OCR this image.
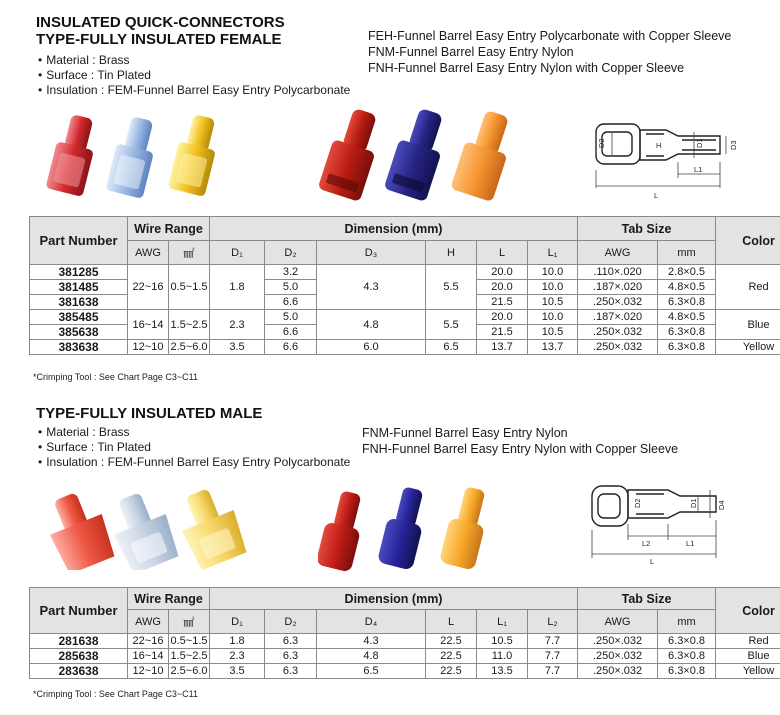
INSULATED QUICK-CONNECTORS
TYPE-FULLY INSULATED FEMALE
• Material : Brass
• Surface : Tin Plated
• Insulation : FEM-Funnel Barrel Easy Entry Polycarbonate
FEH-Funnel Barrel Easy Entry Polycarbonate with Copper Sleeve
FNM-Funnel Barrel Easy Entry Nylon
FNH-Funnel Barrel Easy Entry Nylon with Copper Sleeve
D2	H	D1	D3
L1
L
Part Number	Wire Range		Dimension (mm)						Tab Size		Color
	AWG	㎟	D₁	D₂	D₃	H	L	L₁	AWG	mm	
381285	22~16	0.5~1.5	1.8	3.2	4.3	5.5	20.0	10.0	.110×.020	2.8×0.5	Red
381485				5.0			20.0	10.0	.187×.020	4.8×0.5	
381638				6.6			21.5	10.5	.250×.032	6.3×0.8	
385485	16~14	1.5~2.5	2.3	5.0	4.8	5.5	20.0	10.0	.187×.020	4.8×0.5	Blue
385638				6.6			21.5	10.5	.250×.032	6.3×0.8	
383638	12~10	2.5~6.0	3.5	6.6	6.0	6.5	13.7	13.7	.250×.032	6.3×0.8	Yellow
*Crimping Tool : See Chart Page C3~C11
TYPE-FULLY INSULATED MALE
• Material : Brass
• Surface : Tin Plated
• Insulation : FEM-Funnel Barrel Easy Entry Polycarbonate
FNM-Funnel Barrel Easy Entry Nylon
FNH-Funnel Barrel Easy Entry Nylon with Copper Sleeve
D2	D1	D4
L2	L1
L
Part Number	Wire Range		Dimension (mm)						Tab Size		Color
	AWG	㎟	D₁	D₂	D₄	L	L₁	L₂	AWG	mm	
281638	22~16	0.5~1.5	1.8	6.3	4.3	22.5	10.5	7.7	.250×.032	6.3×0.8	Red
285638	16~14	1.5~2.5	2.3	6.3	4.8	22.5	11.0	7.7	.250×.032	6.3×0.8	Blue
283638	12~10	2.5~6.0	3.5	6.3	6.5	22.5	13.5	7.7	.250×.032	6.3×0.8	Yellow
*Crimping Tool : See Chart Page C3~C11
